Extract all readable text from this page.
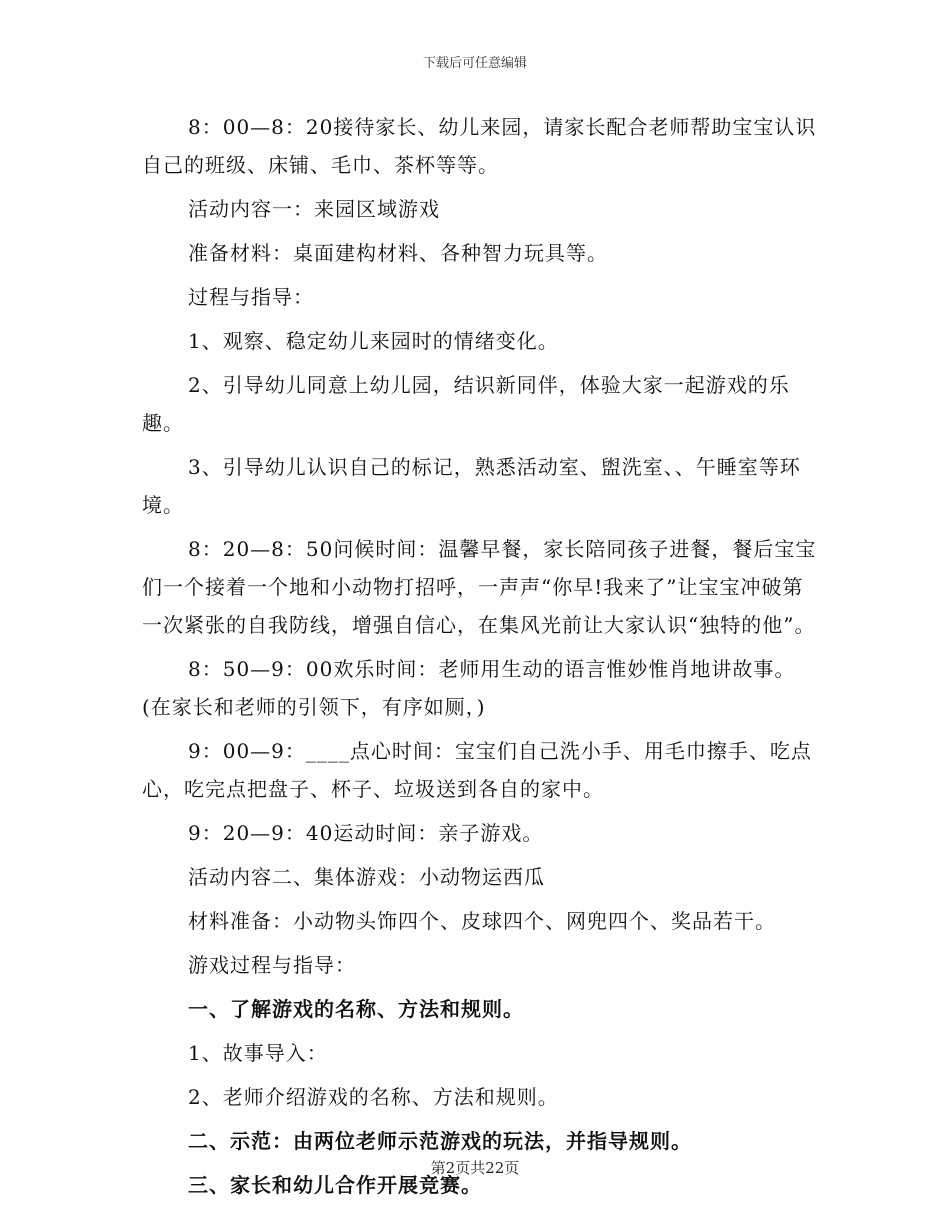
下载后可任意编辑

8：00—8：20接待家长、幼儿来园，请家长配合老师帮助宝宝认识自己的班级、床铺、毛巾、茶杯等等。

活动内容一：来园区域游戏

准备材料：桌面建构材料、各种智力玩具等。

过程与指导：

1、观察、稳定幼儿来园时的情绪变化。

2、引导幼儿同意上幼儿园，结识新同伴，体验大家一起游戏的乐趣。

3、引导幼儿认识自己的标记，熟悉活动室、盥洗室、、午睡室等环境。

8：20—8：50问候时间：温馨早餐，家长陪同孩子进餐，餐后宝宝们一个接着一个地和小动物打招呼，一声声“你早!我来了”让宝宝冲破第一次紧张的自我防线，增强自信心，在集风光前让大家认识“独特的他”。

8：50—9：00欢乐时间：老师用生动的语言惟妙惟肖地讲故事。(在家长和老师的引领下，有序如厕，)

9：00—9：____点心时间：宝宝们自己洗小手、用毛巾擦手、吃点心，吃完点把盘子、杯子、垃圾送到各自的家中。

9：20—9：40运动时间：亲子游戏。

活动内容二、集体游戏：小动物运西瓜

材料准备：小动物头饰四个、皮球四个、网兜四个、奖品若干。

游戏过程与指导：

一、了解游戏的名称、方法和规则。

1、故事导入：

2、老师介绍游戏的名称、方法和规则。

二、示范：由两位老师示范游戏的玩法，并指导规则。

三、家长和幼儿合作开展竞赛。

第2页共22页
